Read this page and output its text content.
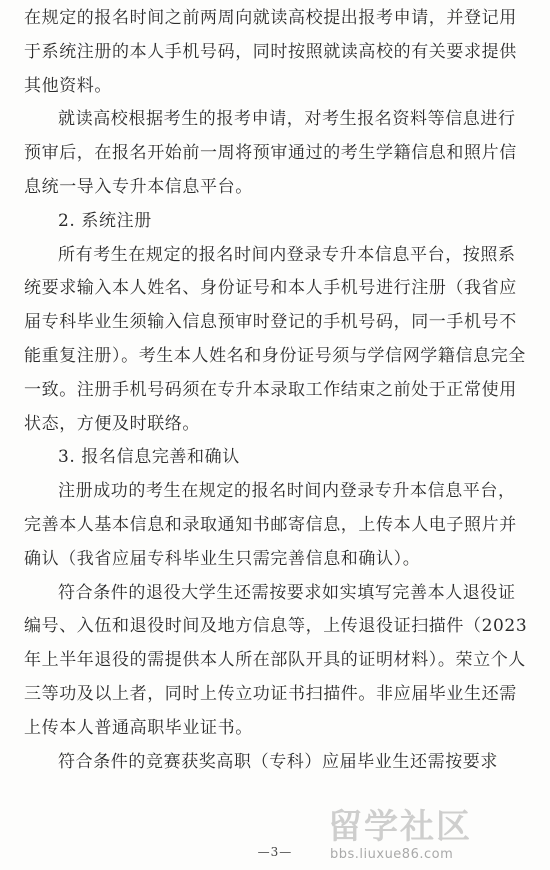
在规定的报名时间之前两周向就读高校提出报考申请，并登记用
于系统注册的本人手机号码，同时按照就读高校的有关要求提供
其他资料。
就读高校根据考生的报考申请，对考生报名资料等信息进行
预审后，在报名开始前一周将预审通过的考生学籍信息和照片信
息统一导入专升本信息平台。
2. 系统注册
所有考生在规定的报名时间内登录专升本信息平台，按照系
统要求输入本人姓名、身份证号和本人手机号进行注册（我省应
届专科毕业生须输入信息预审时登记的手机号码，同一手机号不
能重复注册）。考生本人姓名和身份证号须与学信网学籍信息完全
一致。注册手机号码须在专升本录取工作结束之前处于正常使用
状态，方便及时联络。
3. 报名信息完善和确认
注册成功的考生在规定的报名时间内登录专升本信息平台，
完善本人基本信息和录取通知书邮寄信息，上传本人电子照片并
确认（我省应届专科毕业生只需完善信息和确认）。
符合条件的退役大学生还需按要求如实填写完善本人退役证
编号、入伍和退役时间及地方信息等，上传退役证扫描件（2023
年上半年退役的需提供本人所在部队开具的证明材料）。荣立个人
三等功及以上者，同时上传立功证书扫描件。非应届毕业生还需
上传本人普通高职毕业证书。
符合条件的竞赛获奖高职（专科）应届毕业生还需按要求
—3—
留学社区
bbs.liuxue86.com
